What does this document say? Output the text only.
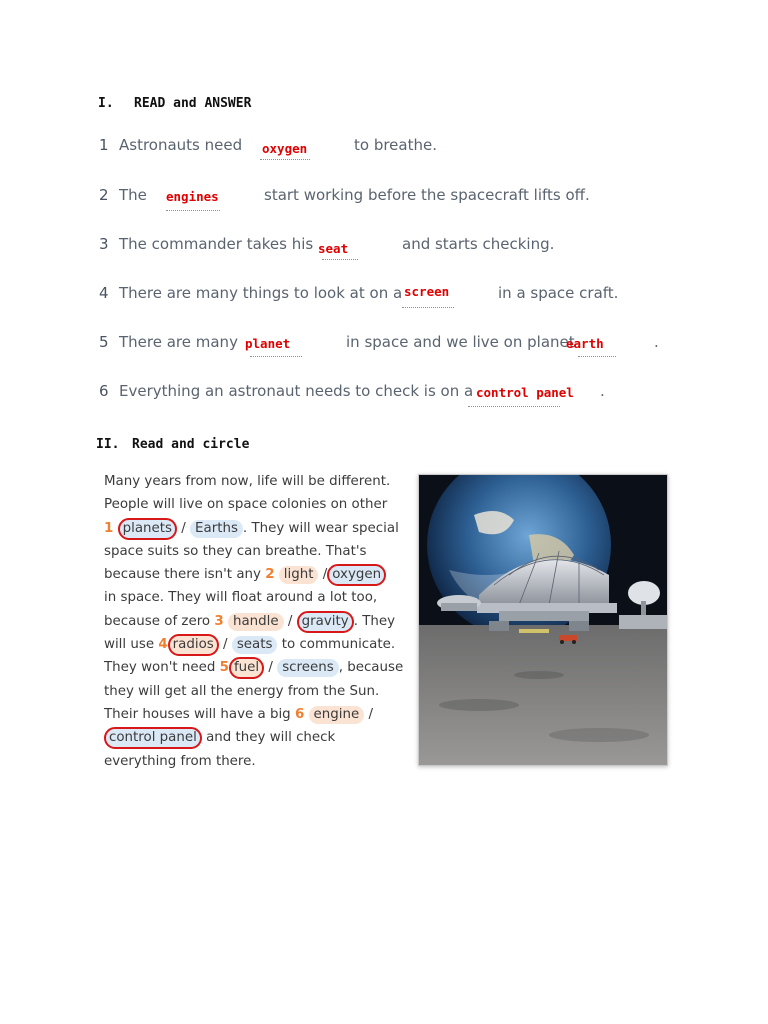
I. READ and ANSWER
1 Astronauts need oxygen	to breathe.
2 The engines	start working before the spacecraft lifts off.
3 The commander takes his seat	and starts checking.
4 There are many things to look at on a screen	in a space craft.
5 There are many planet	in space and we live on planet
earth	.
6 Everything an astronaut needs to check is on a control panel .
II. Read and circle
Many years from now, life will be different.
People will live on space colonies on other
1 planets / Earths . They will wear special
space suits so they can breathe. That's
because there isn't any 2 light / oxygen
in space. They will float around a lot too,
because of zero 3 handle / gravity . They
will use 4 radios / seats to communicate.
They won't need 5 fuel / screens , because
they will get all the energy from the Sun.
Their houses will have a big 6 engine /
control panel and they will check
everything from there.
